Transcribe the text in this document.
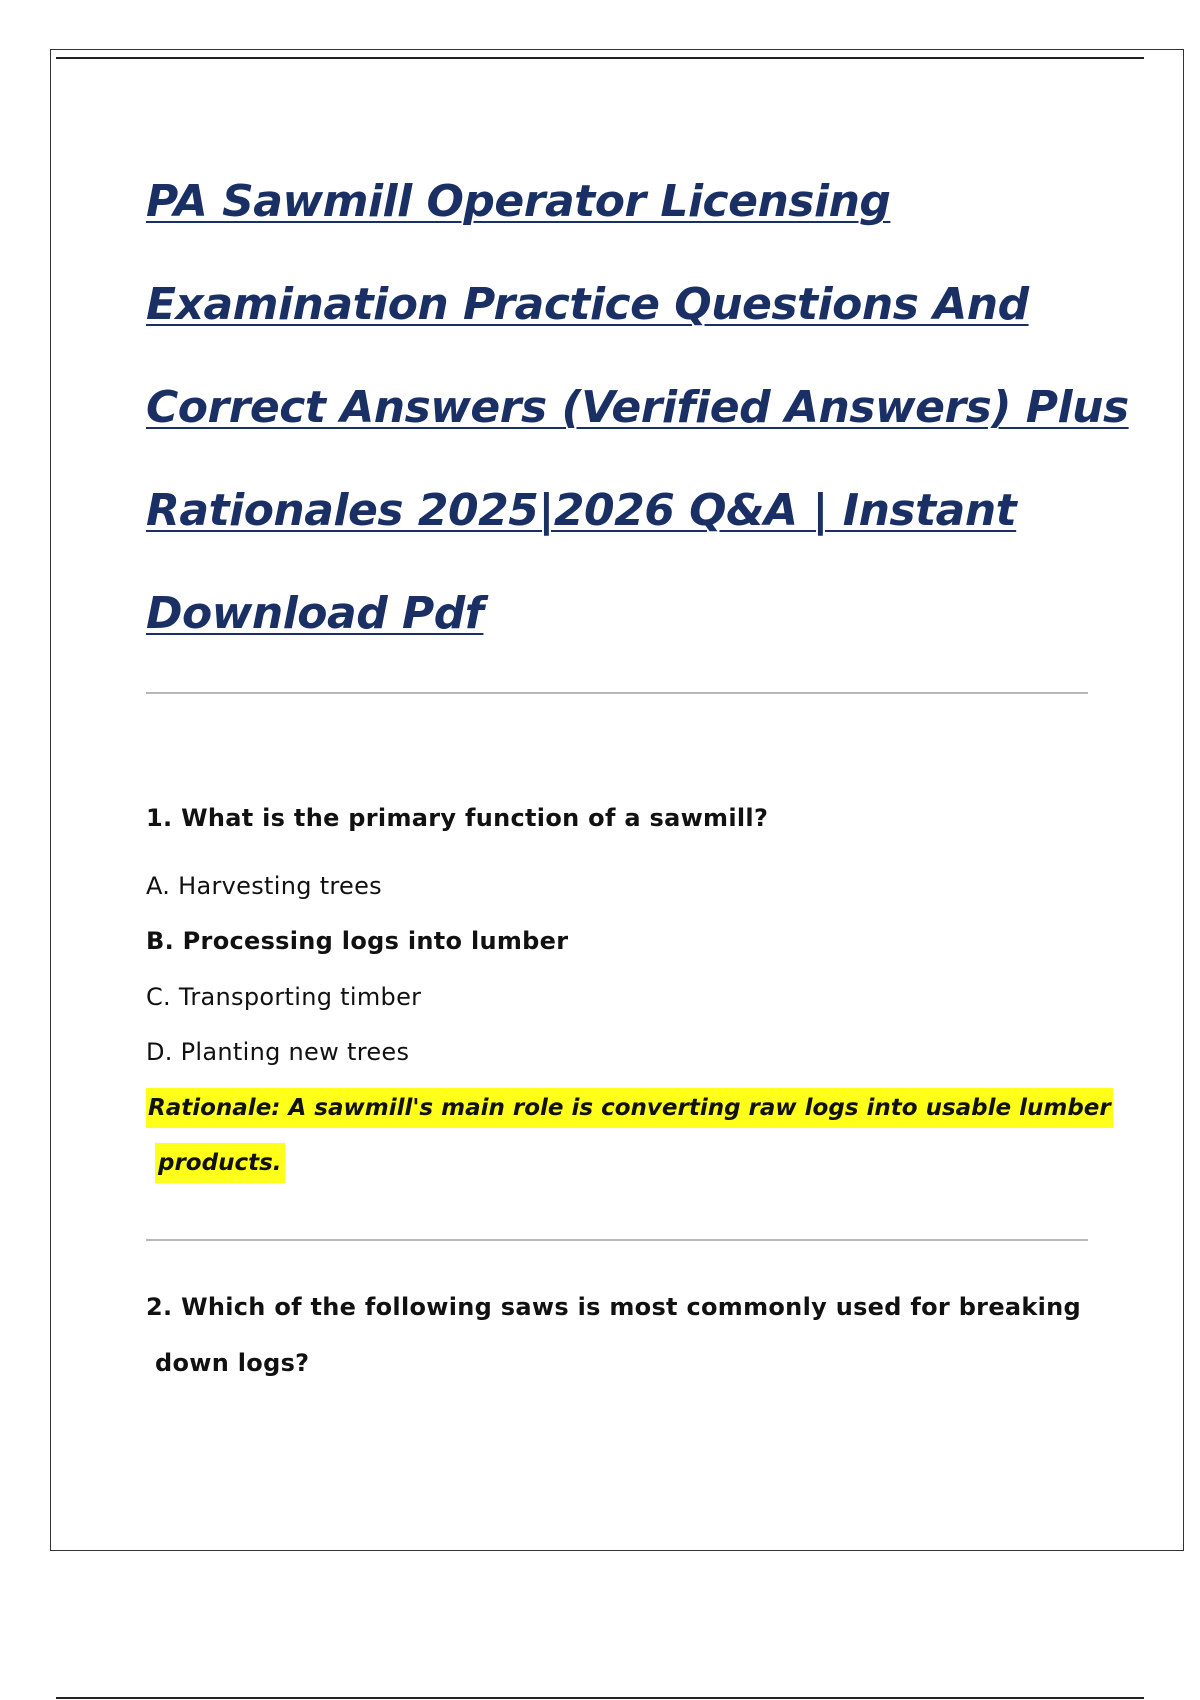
PA Sawmill Operator Licensing
Examination Practice Questions And
Correct Answers (Verified Answers) Plus
Rationales 2025|2026 Q&A | Instant
Download Pdf
1. What is the primary function of a sawmill?
A. Harvesting trees
B. Processing logs into lumber
C. Transporting timber
D. Planting new trees
Rationale: A sawmill's main role is converting raw logs into usable lumber
products.
2. Which of the following saws is most commonly used for breaking
down logs?
